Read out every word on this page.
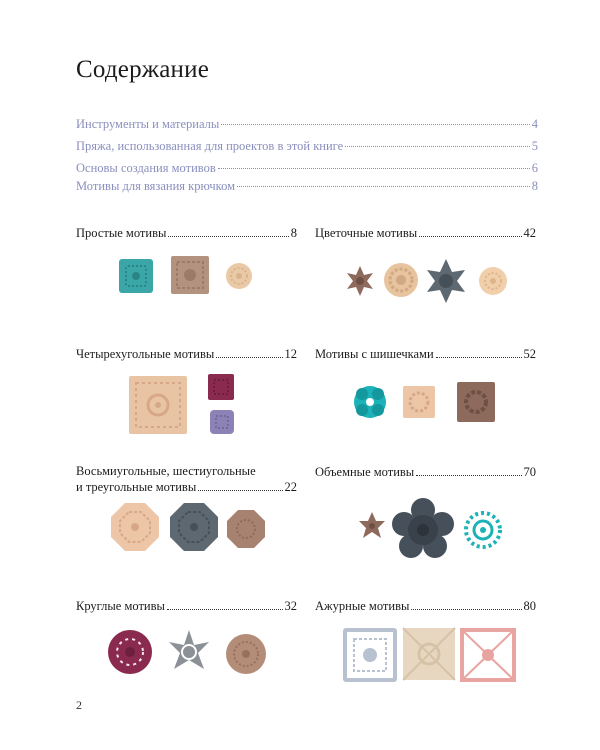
Содержание
Инструменты и материалы	4
Пряжа, использованная для проектов в этой книге	5
Основы создания мотивов	6
Мотивы для вязания крючком	8
Простые мотивы	8 Цветочные мотивы	42
Четырехугольные мотивы	12 Мотивы с шишечками	52
Восьмиугольные, шестиугольные
и треугольные мотивы	22
Объемные мотивы	70
Круглые мотивы	32 Ажурные мотивы	80
2
